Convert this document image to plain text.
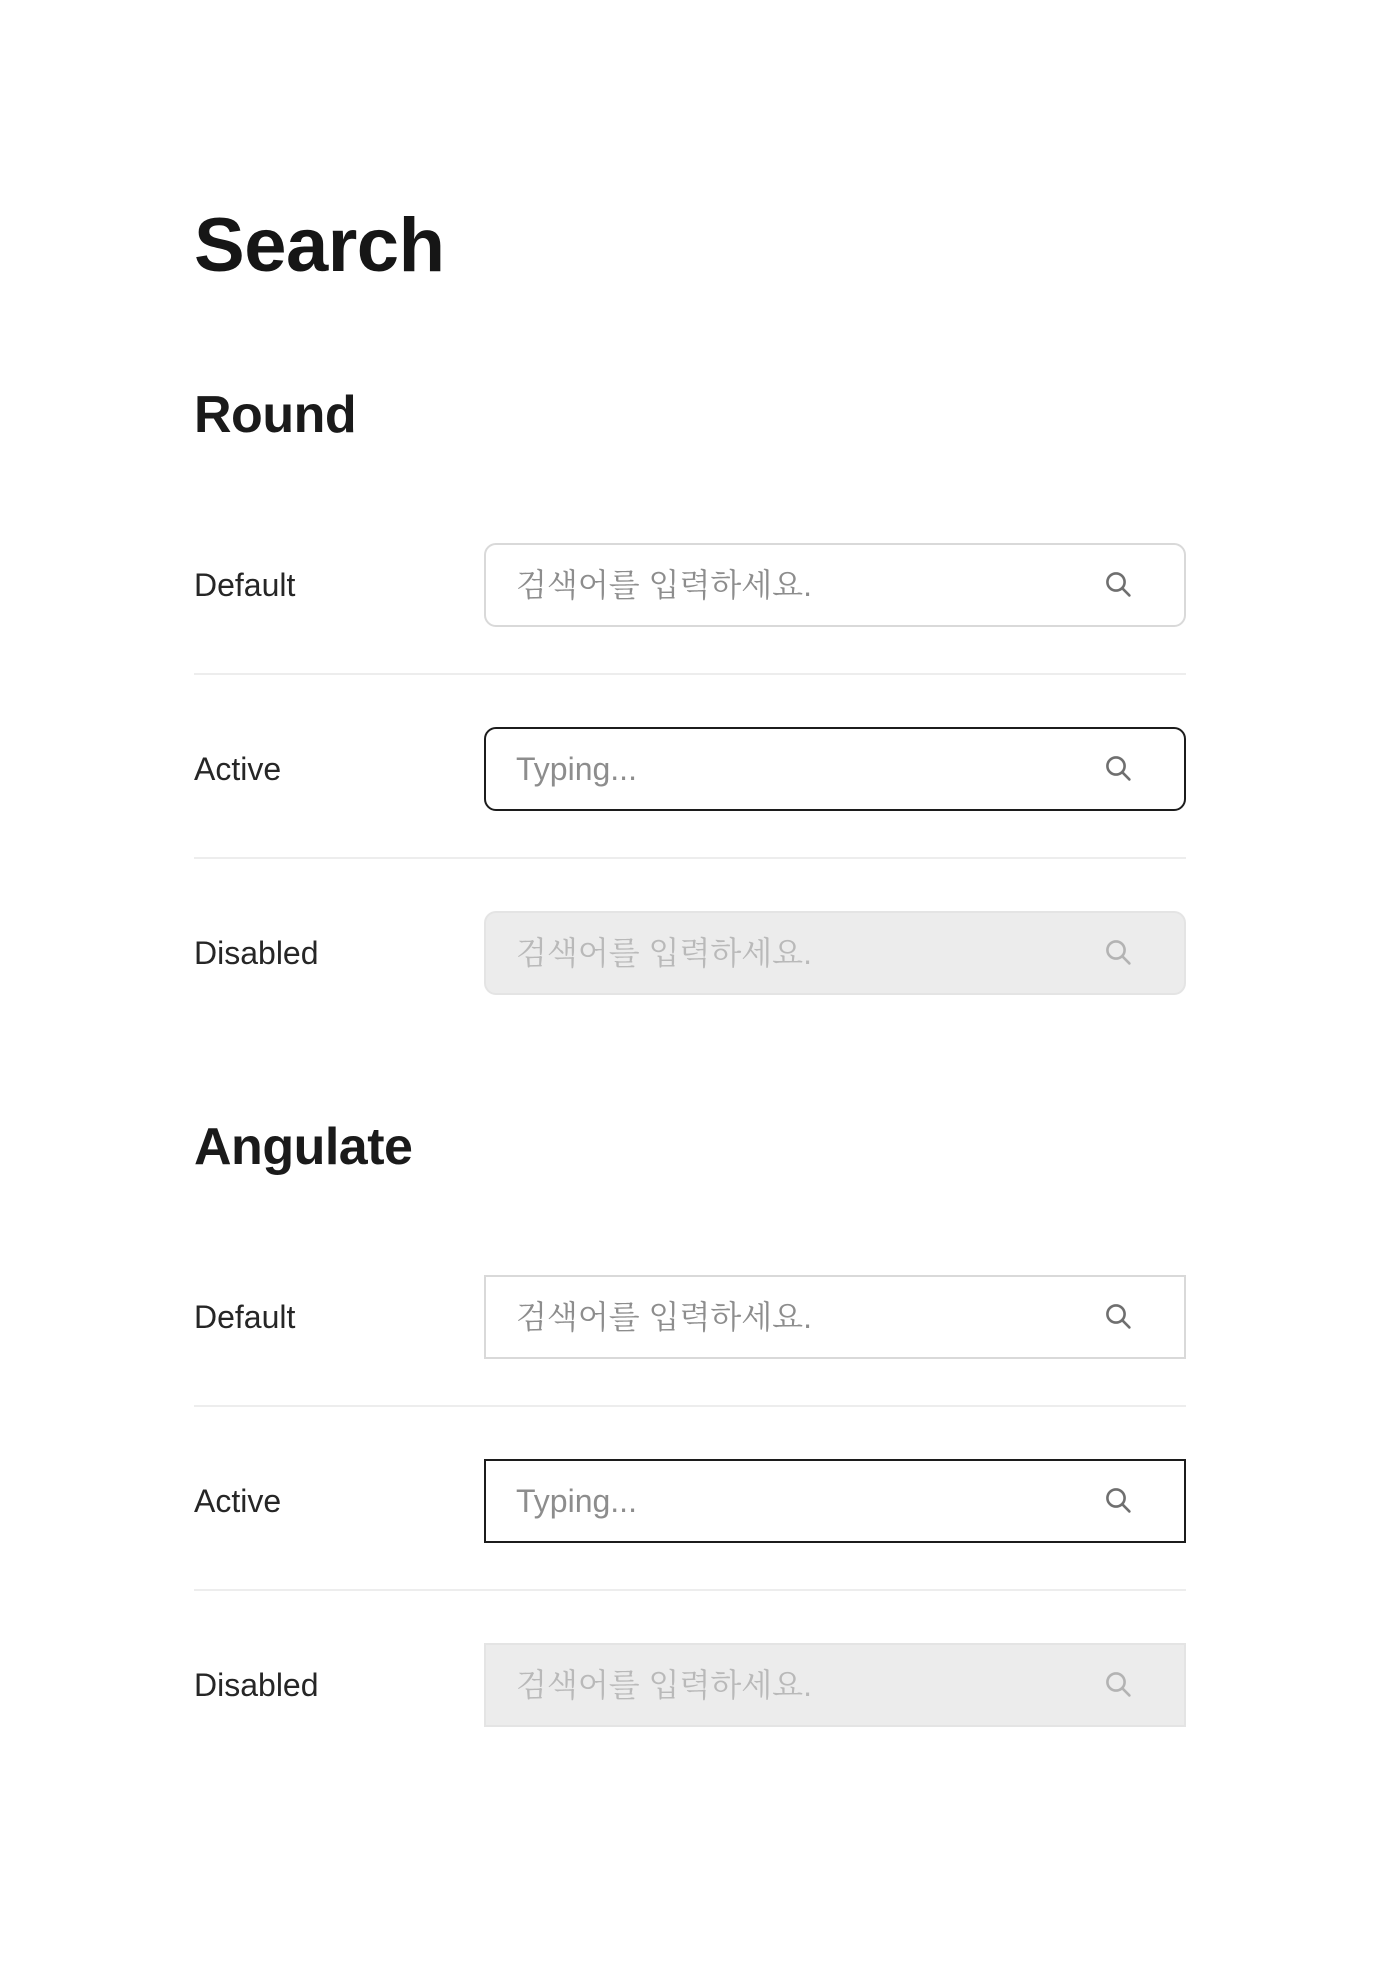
Search
Round
Default
검색어를 입력하세요.
Active
Typing...
Disabled
검색어를 입력하세요.
Angulate
Default
검색어를 입력하세요.
Active
Typing...
Disabled
검색어를 입력하세요.
